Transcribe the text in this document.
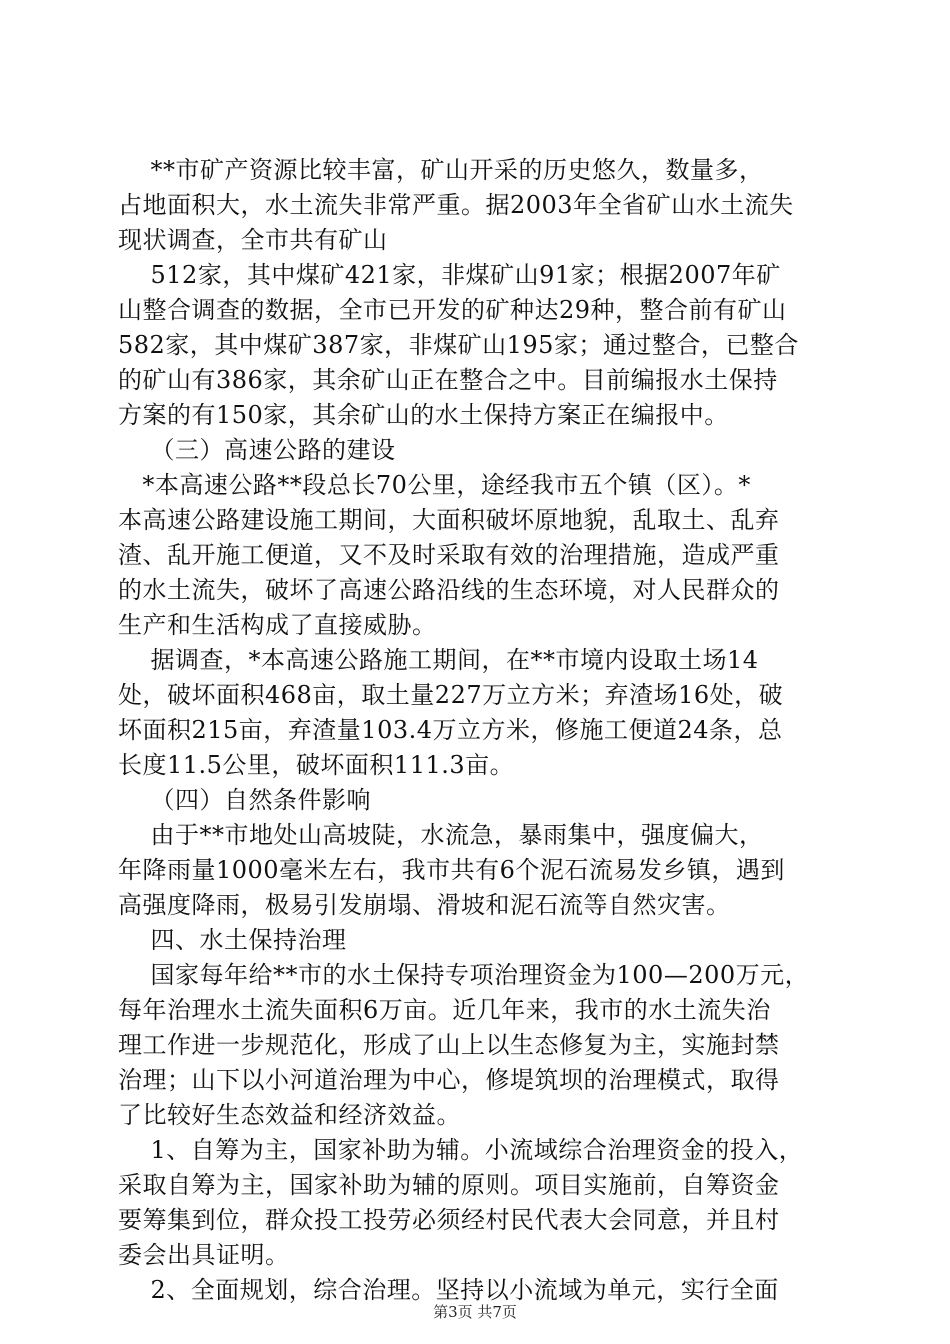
**市矿产资源比较丰富，矿山开采的历史悠久，数量多，
占地面积大，水土流失非常严重。据2003年全省矿山水土流失
现状调查，全市共有矿山
512家，其中煤矿421家，非煤矿山91家；根据2007年矿
山整合调查的数据，全市已开发的矿种达29种，整合前有矿山
582家，其中煤矿387家，非煤矿山195家；通过整合，已整合
的矿山有386家，其余矿山正在整合之中。目前编报水土保持
方案的有150家，其余矿山的水土保持方案正在编报中。
（三）高速公路的建设
*本高速公路**段总长70公里，途经我市五个镇（区）。*
本高速公路建设施工期间，大面积破坏原地貌，乱取土、乱弃
渣、乱开施工便道，又不及时采取有效的治理措施，造成严重
的水土流失，破坏了高速公路沿线的生态环境，对人民群众的
生产和生活构成了直接威胁。
据调查，*本高速公路施工期间，在**市境内设取土场14
处，破坏面积468亩，取土量227万立方米；弃渣场16处，破
坏面积215亩，弃渣量103.4万立方米，修施工便道24条，总
长度11.5公里，破坏面积111.3亩。
（四）自然条件影响
由于**市地处山高坡陡，水流急，暴雨集中，强度偏大，
年降雨量1000毫米左右，我市共有6个泥石流易发乡镇，遇到
高强度降雨，极易引发崩塌、滑坡和泥石流等自然灾害。
四、水土保持治理
国家每年给**市的水土保持专项治理资金为100—200万元，
每年治理水土流失面积6万亩。近几年来，我市的水土流失治
理工作进一步规范化，形成了山上以生态修复为主，实施封禁
治理；山下以小河道治理为中心，修堤筑坝的治理模式，取得
了比较好生态效益和经济效益。
1、自筹为主，国家补助为辅。小流域综合治理资金的投入，
采取自筹为主，国家补助为辅的原则。项目实施前，自筹资金
要筹集到位，群众投工投劳必须经村民代表大会同意，并且村
委会出具证明。
2、全面规划，综合治理。坚持以小流域为单元，实行全面
第3页 共7页
